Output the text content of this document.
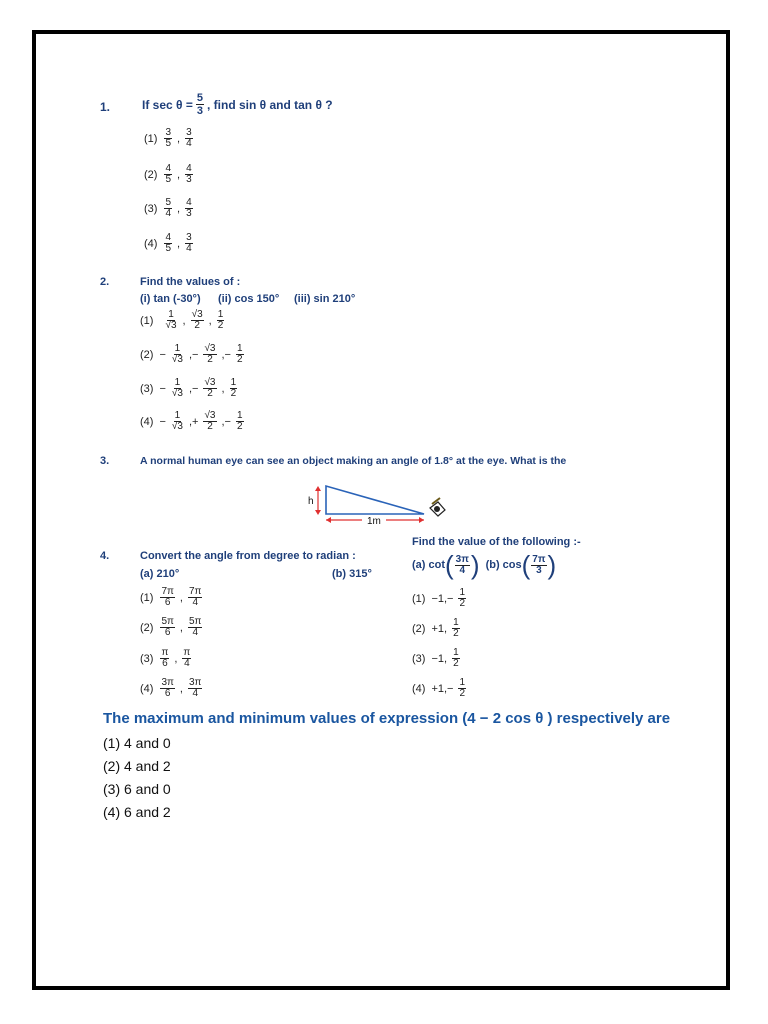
1.	If $\sec \theta = \frac{5}{3}$ , find sin θ and tan θ ?
$(1) \frac{3}{5}$ , $\frac{3}{4}$
$(2) \frac{4}{5}$ , $\frac{4}{3}$
$(3) \frac{5}{4}$ , $\frac{4}{3}$
$(4) \frac{4}{5}$ , $\frac{3}{4}$
2.	Find the values of :
(i) tan (-30°) (ii) cos 150° (iii) sin 210°
$(1) \frac{1}{√3}$ , $\frac{√3}{2}$ , $\frac{1}{2}$
$(2) - \frac{1}{√3}$ ,− $\frac{√3}{2}$ ,− $\frac{1}{2}$
$(3) - \frac{1}{√3}$ ,− $\frac{√3}{2}$ , $\frac{1}{2}$
$(4) - \frac{1}{√3}$ ,+ $\frac{√3}{2}$ ,− $\frac{1}{2}$
3.	A normal human eye can see an object making an angle of 1.8° at the eye. What is the
h
1m
4.	Convert the angle from degree to radian :
(a) 210°	(b) 315°
$(1) \frac{7\pi}{6}$ , $\frac{7\pi}{4}$
$(2) \frac{5\pi}{6}$ , $\frac{5\pi}{4}$
$(3) \frac{\pi}{6}$ , $\frac{\pi}{4}$
$(4) \frac{3\pi}{6}$ , $\frac{3\pi}{4}$
Find the value of the following :-
(a) cot ( $\frac{3\pi}{4}$ ) (b) cos ( $\frac{7\pi}{3}$ )
$(1) -1,- \frac{1}{2}$
(2) +1, $\frac{1}{2}$
(3) −1, $\frac{1}{2}$
$(4) +1,- \frac{1}{2}$
The maximum and minimum values of expression (4 − 2 cos θ ) respectively are
(1) 4 and 0
(2) 4 and 2
(3) 6 and 0
(4) 6 and 2
